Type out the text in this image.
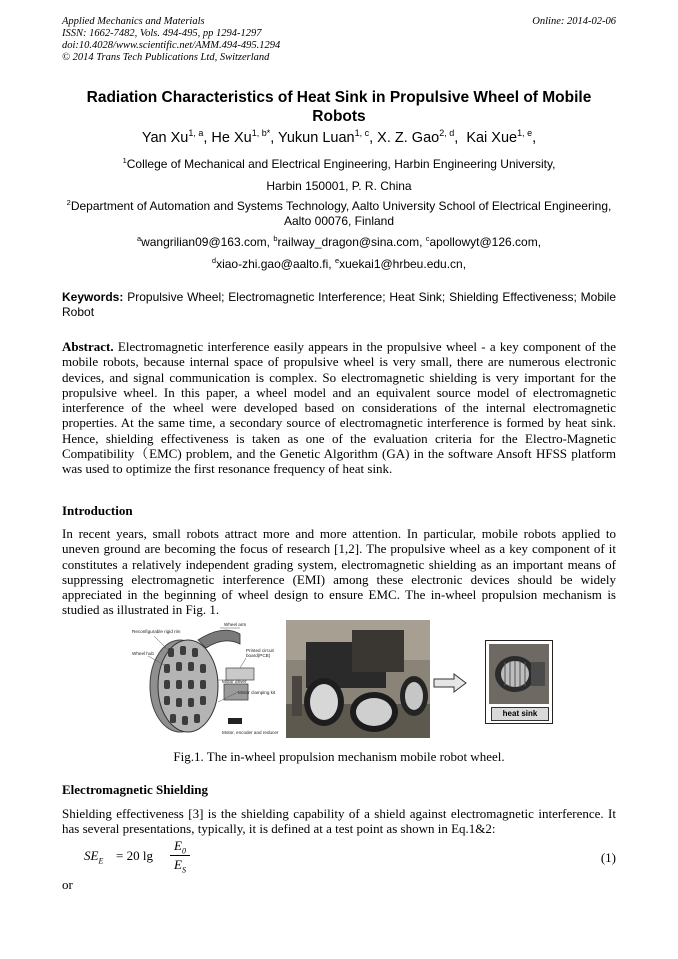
Applied Mechanics and Materials
ISSN: 1662-7482, Vols. 494-495, pp 1294-1297
doi:10.4028/www.scientific.net/AMM.494-495.1294
© 2014 Trans Tech Publications Ltd, Switzerland
Online: 2014-02-06
Radiation Characteristics of Heat Sink in Propulsive Wheel of Mobile Robots
Yan Xu$^{1, a}$, He $Xu^{1, b*}$, Yukun Luan$^{1, c}$, X. Z. Gao$^{2, d}$,  Kai Xue$^{1, e}$,
$^1$College of Mechanical and Electrical Engineering, Harbin Engineering University,
Harbin 150001, P. R. China
$^2$Department of Automation and Systems Technology, Aalto University School of Electrical Engineering,
Aalto 00076, Finland
$^a$wangrilian09@163.com, $^b$railway_dragon@sina.com, $^c$apollowyt@126.com,
$^d$xiao-zhi.gao@aalto.fi, $^e$xuekai1@hrbeu.edu.cn,
Keywords: Propulsive Wheel; Electromagnetic Interference; Heat Sink; Shielding Effectiveness; Mobile Robot
Abstract. Electromagnetic interference easily appears in the propulsive wheel - a key component of the mobile robots, because internal space of propulsive wheel is very small, there are numerous electronic devices, and signal communication is complex. So electromagnetic shielding is very important for the propulsive wheel. In this paper, a wheel model and an equivalent source model of electromagnetic interference of the wheel were developed based on considerations of the internal electromagnetic properties. At the same time, a secondary source of electromagnetic interference is formed by heat sink. Hence, shielding effectiveness is taken as one of the evaluation criteria for the Electro-Magnetic Compatibility（EMC) problem, and the Genetic Algorithm (GA) in the software Ansoft HFSS platform was used to optimize the first resonance frequency of heat sink.
Introduction
In recent years, small robots attract more and more attention. In particular, mobile robots applied to uneven ground are becoming the focus of research [1,2]. The propulsive wheel as a key component of it constitutes a relatively independent grading system, electromagnetic shielding as an important means of suppressing electromagnetic interference (EMI) among these electronic devices should be widely appreciated in the beginning of wheel design to ensure EMC. The in-wheel propulsion mechanism is studied as illustrated in Fig. 1.
Reconfigurable rigid rim
Wheel hub
Wheel arm
Printed circuit
board(PCB)
Motor driver
Motor clamping kit
Motor, encoder and reducer
heat sink
Fig.1. The in-wheel propulsion mechanism mobile robot wheel.
Electromagnetic Shielding
Shielding effectiveness [3] is the shielding capability of a shield against electromagnetic interference. It has several presentations, typically, it is defined at a test point as shown in Eq.1&2:
$SE_E = 20$ lg
$E_0$
$E_S$
(1)
or
